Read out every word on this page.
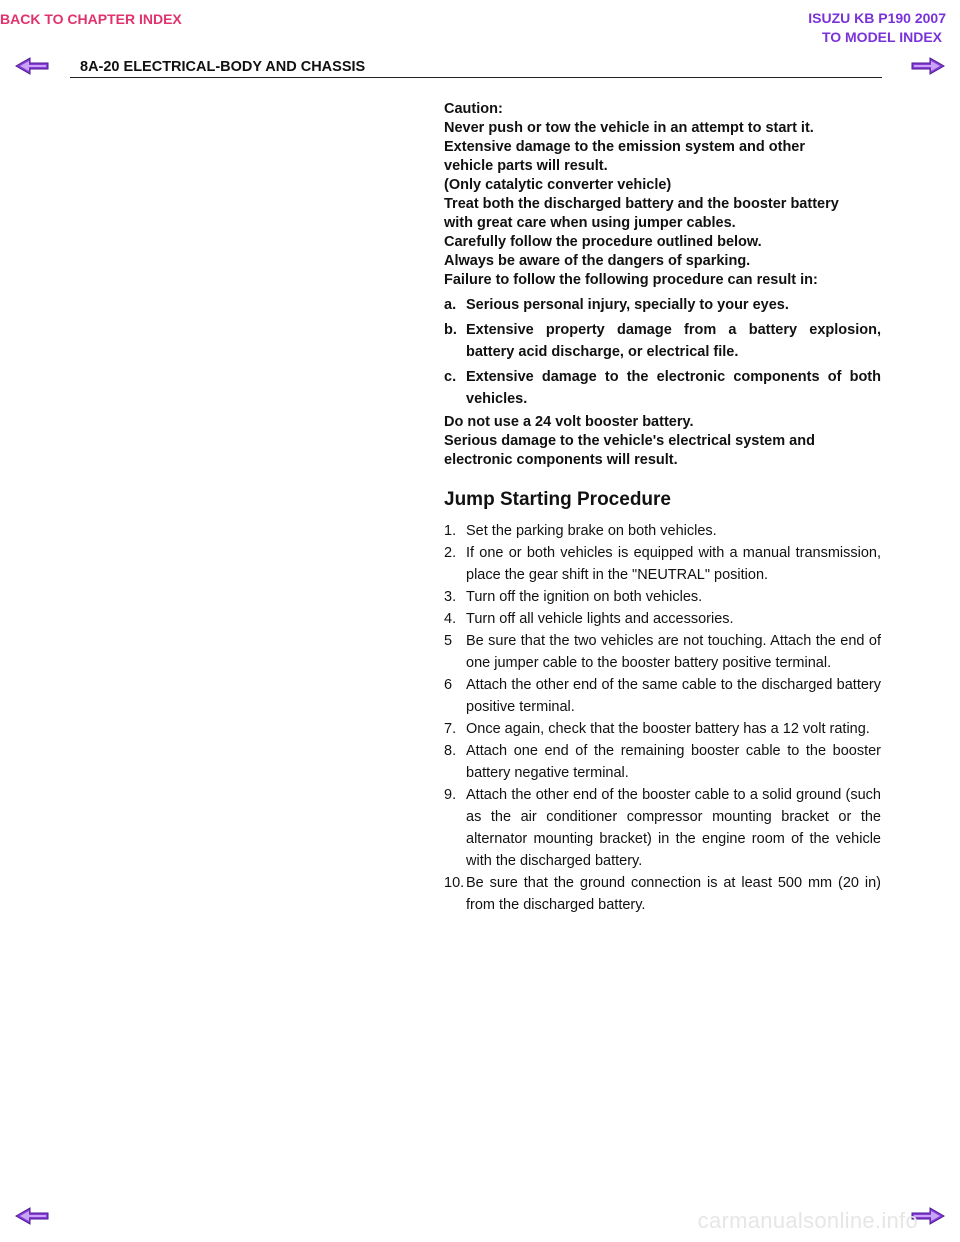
BACK TO CHAPTER INDEX	ISUZU KB P190 2007
TO MODEL INDEX
8A-20 ELECTRICAL-BODY AND CHASSIS

Caution:

Never push or tow the vehicle in an attempt to start it.

Extensive damage to the emission system and other

vehicle parts will result.

(Only catalytic converter vehicle)

Treat both the discharged battery and the booster battery

with great care when using jumper cables.

Carefully follow the procedure outlined below.

Always be aware of the dangers of sparking.

Failure to follow the following procedure can result in:

a. Serious personal injury, specially to your eyes.
b. Extensive property damage from a battery explosion, battery acid discharge, or electrical file.
c. Extensive damage to the electronic components of both vehicles.

Do not use a 24 volt booster battery.

Serious damage to the vehicle's electrical system and

electronic components will result.

Jump Starting Procedure
1. Set the parking brake on both vehicles.
2. If one or both vehicles is equipped with a manual transmission, place the gear shift in the "NEUTRAL" position.
3. Turn off the ignition on both vehicles.
4. Turn off all vehicle lights and accessories.
5 Be sure that the two vehicles are not touching. Attach the end of one jumper cable to the booster battery positive terminal.
6 Attach the other end of the same cable to the discharged battery positive terminal.
7. Once again, check that the booster battery has a 12 volt rating.
8. Attach one end of the remaining booster cable to the booster battery negative terminal.
9. Attach the other end of the booster cable to a solid ground (such as the air conditioner compressor mounting bracket or the alternator mounting bracket) in the engine room of the vehicle with the discharged battery.
10. Be sure that the ground connection is at least 500 mm (20 in) from the discharged battery.
carmanualsonline.info
